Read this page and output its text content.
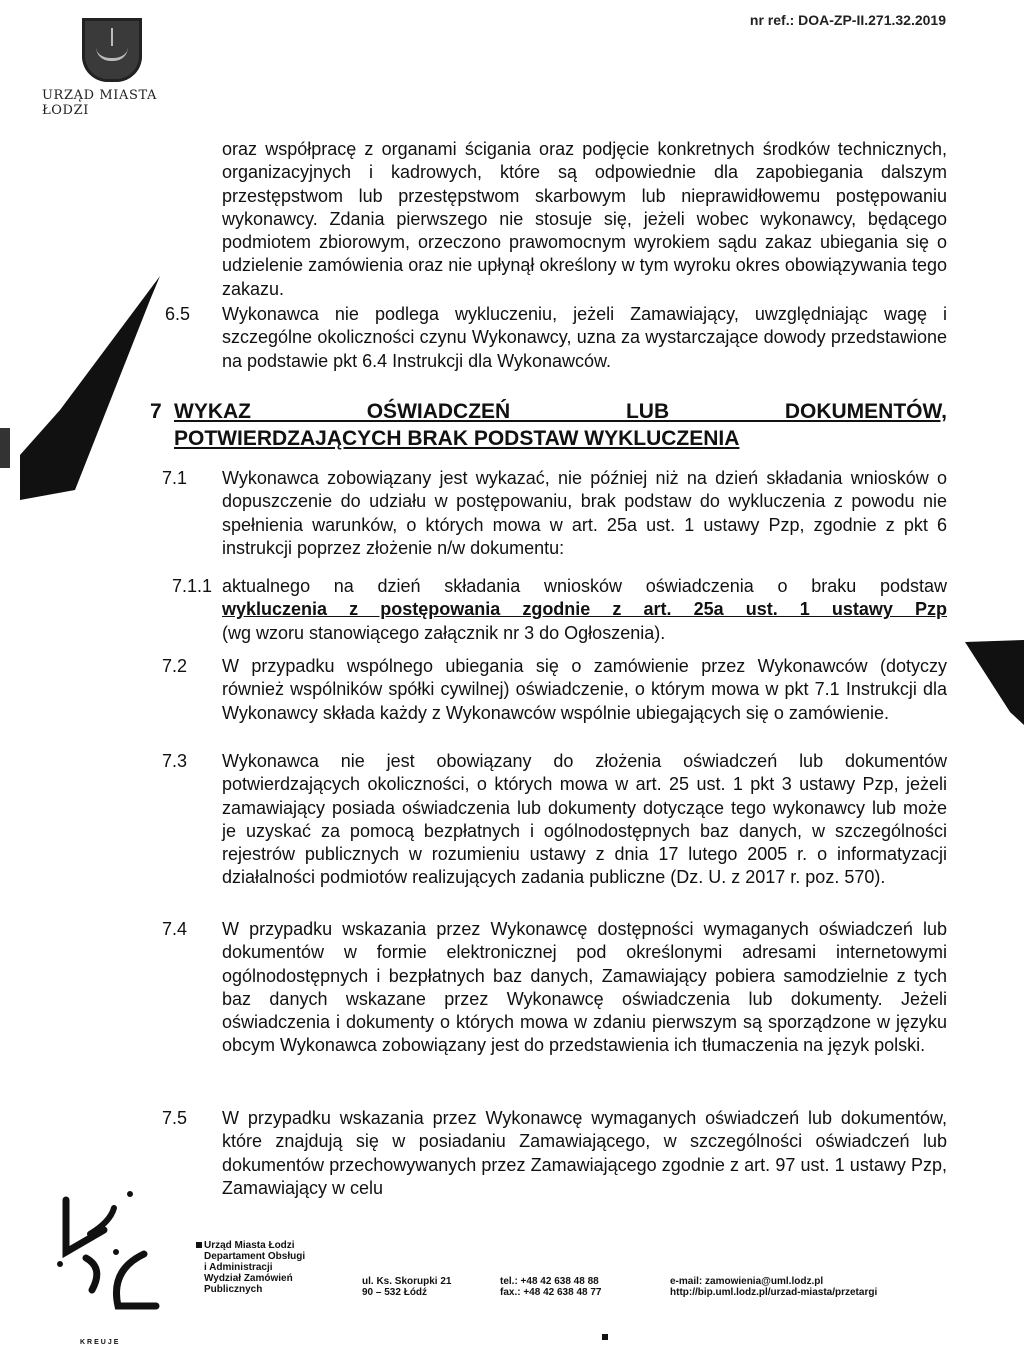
URZĄD MIASTA ŁODZI
nr ref.: DOA-ZP-II.271.32.2019
oraz współpracę z organami ścigania oraz podjęcie konkretnych środków technicznych, organizacyjnych i kadrowych, które są odpowiednie dla zapobiegania dalszym przestępstwom lub przestępstwom skarbowym lub nieprawidłowemu postępowaniu wykonawcy. Zdania pierwszego nie stosuje się, jeżeli wobec wykonawcy, będącego podmiotem zbiorowym, orzeczono prawomocnym wyrokiem sądu zakaz ubiegania się o udzielenie zamówienia oraz nie upłynął określony w tym wyroku okres obowiązywania tego zakazu.
6.5 Wykonawca nie podlega wykluczeniu, jeżeli Zamawiający, uwzględniając wagę i szczególne okoliczności czynu Wykonawcy, uzna za wystarczające dowody przedstawione na podstawie pkt 6.4 Instrukcji dla Wykonawców.
7 WYKAZ OŚWIADCZEŃ LUB DOKUMENTÓW,
POTWIERDZAJĄCYCH BRAK PODSTAW WYKLUCZENIA
7.1 Wykonawca zobowiązany jest wykazać, nie później niż na dzień składania wniosków o dopuszczenie do udziału w postępowaniu, brak podstaw do wykluczenia z powodu nie spełnienia warunków, o których mowa w art. 25a ust. 1 ustawy Pzp, zgodnie z pkt 6 instrukcji poprzez złożenie n/w dokumentu:
7.1.1 aktualnego na dzień składania wniosków oświadczenia o braku podstaw
wykluczenia z postępowania zgodnie z art. 25a ust. 1 ustawy Pzp
(wg wzoru stanowiącego załącznik nr 3 do Ogłoszenia).
7.2 W przypadku wspólnego ubiegania się o zamówienie przez Wykonawców (dotyczy również wspólników spółki cywilnej) oświadczenie, o którym mowa w pkt 7.1 Instrukcji dla Wykonawcy składa każdy z Wykonawców wspólnie ubiegających się o zamówienie.
7.3 Wykonawca nie jest obowiązany do złożenia oświadczeń lub dokumentów potwierdzających okoliczności, o których mowa w art. 25 ust. 1 pkt 3 ustawy Pzp, jeżeli zamawiający posiada oświadczenia lub dokumenty dotyczące tego wykonawcy lub może je uzyskać za pomocą bezpłatnych i ogólnodostępnych baz danych, w szczególności rejestrów publicznych w rozumieniu ustawy z dnia 17 lutego 2005 r. o informatyzacji działalności podmiotów realizujących zadania publiczne (Dz. U. z 2017 r. poz. 570).
7.4 W przypadku wskazania przez Wykonawcę dostępności wymaganych oświadczeń lub dokumentów w formie elektronicznej pod określonymi adresami internetowymi ogólnodostępnych i bezpłatnych baz danych, Zamawiający pobiera samodzielnie z tych baz danych wskazane przez Wykonawcę oświadczenia lub dokumenty. Jeżeli oświadczenia i dokumenty o których mowa w zdaniu pierwszym są sporządzone w języku obcym Wykonawca zobowiązany jest do przedstawienia ich tłumaczenia na język polski.
7.5 W przypadku wskazania przez Wykonawcę wymaganych oświadczeń lub dokumentów, które znajdują się w posiadaniu Zamawiającego, w szczególności oświadczeń lub dokumentów przechowywanych przez Zamawiającego zgodnie z art. 97 ust. 1 ustawy Pzp, Zamawiający w celu
KREUJE
Urząd Miasta Łodzi
Departament Obsługi
i Administracji
Wydział Zamówień
Publicznych
ul. Ks. Skorupki 21
90 – 532 Łódź
tel.: +48 42 638 48 88
fax.: +48 42 638 48 77
e-mail: zamowienia@uml.lodz.pl
http://bip.uml.lodz.pl/urzad-miasta/przetargi
